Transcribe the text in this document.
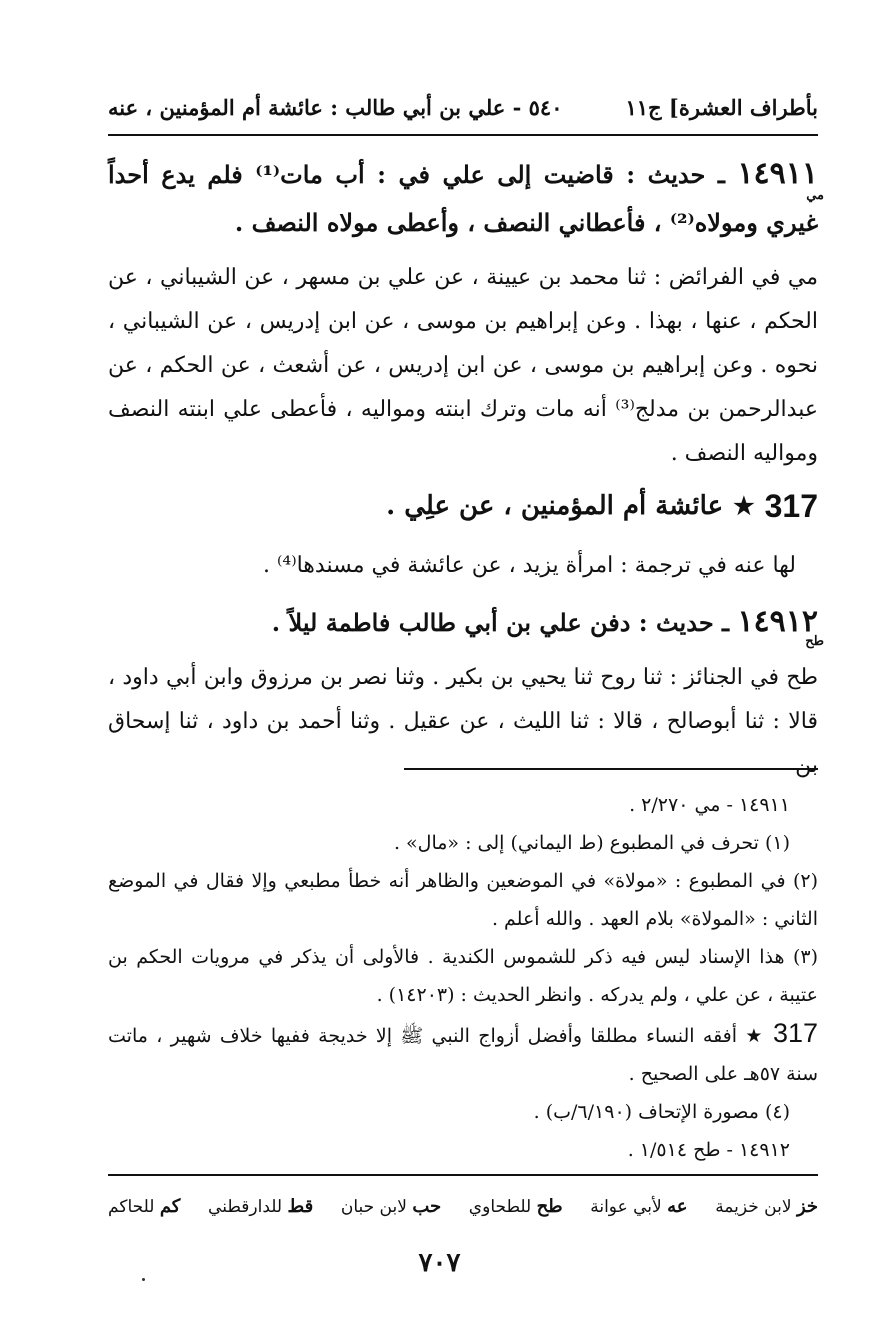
بأطراف العشرة] ج١١
٥٤٠ - علي بن أبي طالب : عائشة أم المؤمنين ، عنه
١٤٩١١ ـ حديث : قاضيت إلى علي في : أب مات⁽¹⁾ فلم يدع أحداً غيري ومولاه⁽²⁾ ، فأعطاني النصف ، وأعطى مولاه النصف .
مي
مي في الفرائض : ثنا محمد بن عيينة ، عن علي بن مسهر ، عن الشيباني ، عن الحكم ، عنها ، بهذا . وعن إبراهيم بن موسى ، عن ابن إدريس ، عن الشيباني ، نحوه . وعن إبراهيم بن موسى ، عن ابن إدريس ، عن أشعث ، عن الحكم ، عن عبدالرحمن بن مدلج⁽³⁾ أنه مات وترك ابنته ومواليه ، فأعطى علي ابنته النصف ومواليه النصف .
317
★
عائشة أم المؤمنين ، عن علِي .
لها عنه في ترجمة : امرأة يزيد ، عن عائشة في مسندها⁽⁴⁾ .
١٤٩١٢ ـ حديث : دفن علي بن أبي طالب فاطمة ليلاً .
طح
طح في الجنائز : ثنا روح ثنا يحيي بن بكير . وثنا نصر بن مرزوق وابن أبي داود ، قالا : ثنا أبوصالح ، قالا : ثنا الليث ، عن عقيل . وثنا أحمد بن داود ، ثنا إسحاق بن
١٤٩١١ - مي ٢/٢٧٠ .
(١) تحرف في المطبوع (ط اليماني) إلى : «مال» .
(٢) في المطبوع : «مولاة» في الموضعين والظاهر أنه خطأ مطبعي وإلا فقال في الموضع الثاني : «المولاة» بلام العهد . والله أعلم .
(٣) هذا الإسناد ليس فيه ذكر للشموس الكندية . فالأولى أن يذكر في مرويات الحكم بن عتيبة ، عن علي ، ولم يدركه . وانظر الحديث : (١٤٢٠٣) .
317 ★ أفقه النساء مطلقا وأفضل أزواج النبي ﷺ إلا خديجة ففيها خلاف شهير ، ماتت سنة ٥٧هـ على الصحيح .
(٤) مصورة الإتحاف (٦/١٩٠/ب) .
١٤٩١٢ - طح ١/٥١٤ .
خز لابن خزيمة
عه لأبي عوانة
طح للطحاوي
حب لابن حبان
قط للدارقطني
كم للحاكم
٧٠٧
